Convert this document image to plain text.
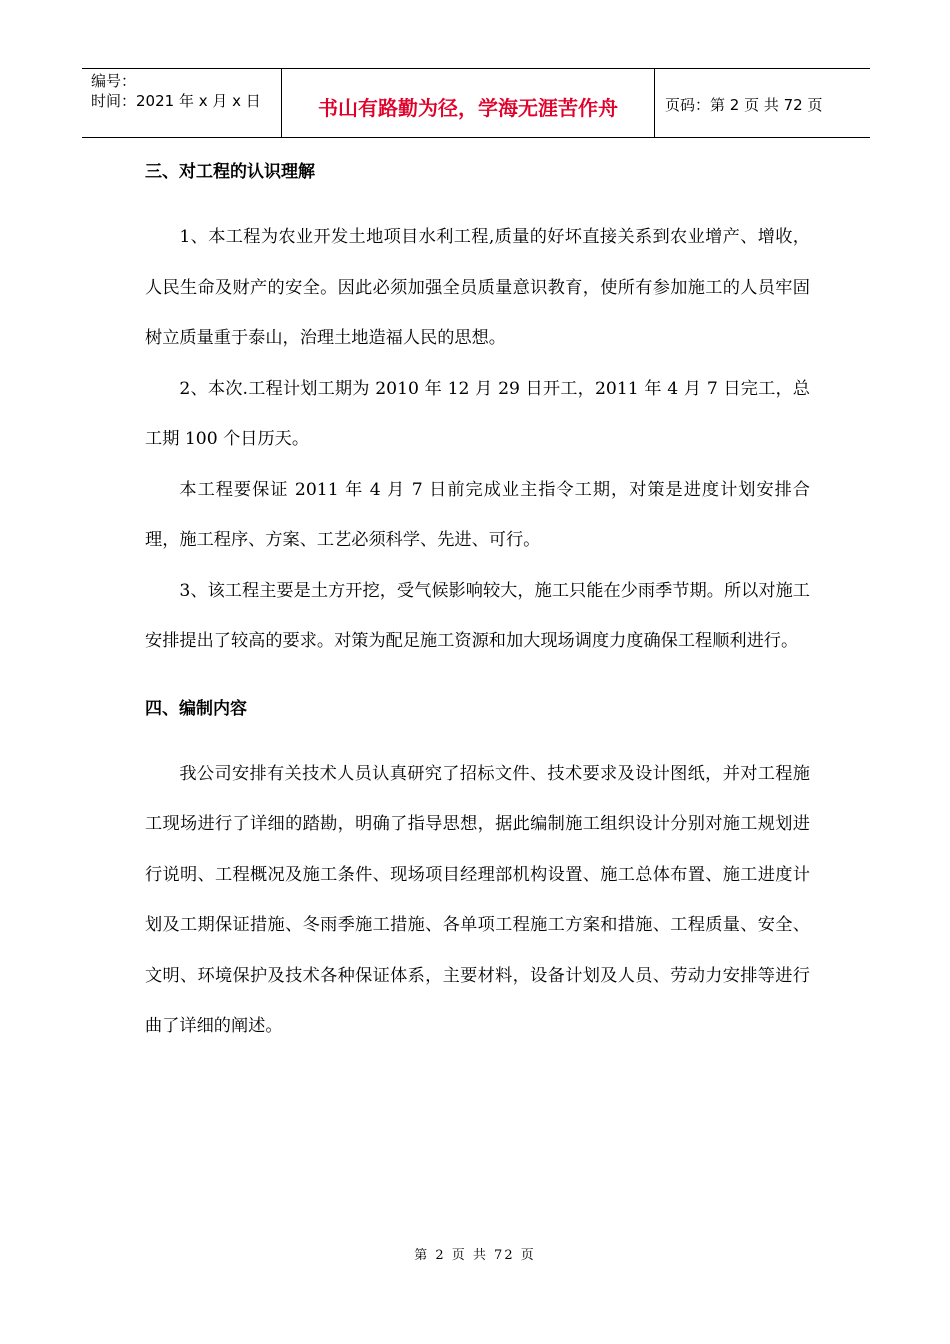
编号：
时间：2021 年 x 月 x 日	书山有路勤为径，学海无涯苦作舟	页码：第 2 页 共 72 页
三、对工程的认识理解

1、本工程为农业开发土地项目水利工程,质量的好坏直接关系到农业增产、增收，人民生命及财产的安全。因此必须加强全员质量意识教育，使所有参加施工的人员牢固树立质量重于泰山，治理土地造福人民的思想。

2、本次.工程计划工期为 2010 年 12 月 29 日开工，2011 年 4 月 7 日完工，总工期 100 个日历天。

本工程要保证 2011 年 4 月 7 日前完成业主指令工期，对策是进度计划安排合理，施工程序、方案、工艺必须科学、先进、可行。

3、该工程主要是土方开挖，受气候影响较大，施工只能在少雨季节期。所以对施工安排提出了较高的要求。对策为配足施工资源和加大现场调度力度确保工程顺利进行。

四、编制内容

我公司安排有关技术人员认真研究了招标文件、技术要求及设计图纸，并对工程施工现场进行了详细的踏勘，明确了指导思想，据此编制施工组织设计分别对施工规划进行说明、工程概况及施工条件、现场项目经理部机构设置、施工总体布置、施工进度计划及工期保证措施、冬雨季施工措施、各单项工程施工方案和措施、工程质量、安全、文明、环境保护及技术各种保证体系，主要材料，设备计划及人员、劳动力安排等进行曲了详细的阐述。

第 2 页 共 72 页
